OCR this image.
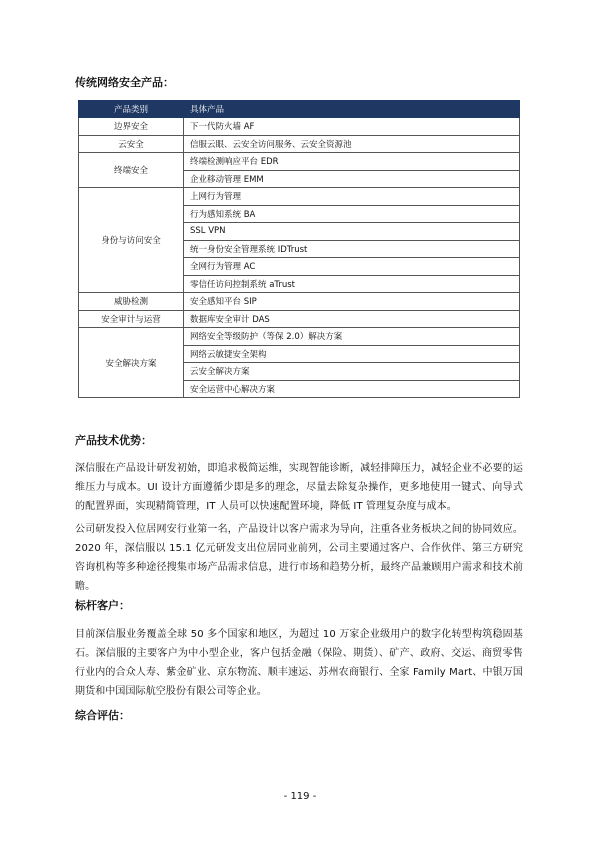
传统网络安全产品：
产品类别	具体产品
边界安全	下一代防火墙 AF
云安全	信服云眼、云安全访问服务、云安全资源池
终端安全	终端检测响应平台 EDR
	企业移动管理 EMM
身份与访问安全	上网行为管理
	行为感知系统 BA
	SSL VPN
	统一身份安全管理系统 IDTrust
	全网行为管理 AC
	零信任访问控制系统 aTrust
威胁检测	安全感知平台 SIP
安全审计与运营	数据库安全审计 DAS
安全解决方案	网络安全等级防护（等保 2.0）解决方案
	网络云敏捷安全架构
	云安全解决方案
	安全运营中心解决方案
产品技术优势：

深信服在产品设计研发初始，即追求极简运维，实现智能诊断，减轻排障压力，减轻企业不必要的运维压力与成本。UI 设计方面遵循少即是多的理念，尽量去除复杂操作，更多地使用一键式、向导式的配置界面，实现精简管理，IT 人员可以快速配置环境，降低 IT 管理复杂度与成本。

公司研发投入位居网安行业第一名，产品设计以客户需求为导向，注重各业务板块之间的协同效应。2020 年，深信服以 15.1 亿元研发支出位居同业前列，公司主要通过客户、合作伙伴、第三方研究咨询机构等多种途径搜集市场产品需求信息，进行市场和趋势分析，最终产品兼顾用户需求和技术前瞻。

标杆客户：

目前深信服业务覆盖全球 50 多个国家和地区，为超过 10 万家企业级用户的数字化转型构筑稳固基石。深信服的主要客户为中小型企业，客户包括金融（保险、期货）、矿产、政府、交运、商贸零售行业内的合众人寿、紫金矿业、京东物流、顺丰速运、苏州农商银行、全家 Family Mart、中银万国期货和中国国际航空股份有限公司等企业。

综合评估：
- 119 -
